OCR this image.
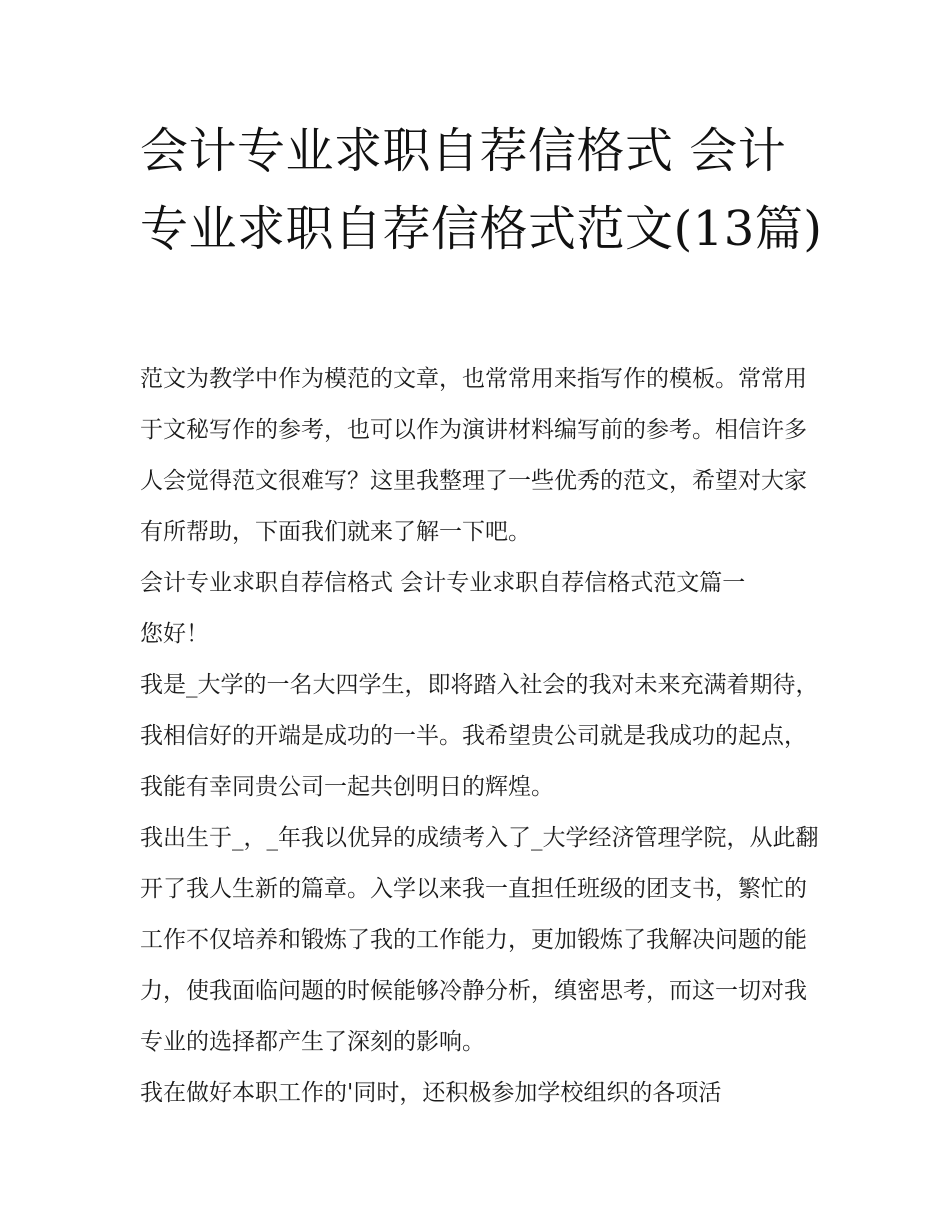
会计专业求职自荐信格式 会计专业求职自荐信格式范文(13篇)

范文为教学中作为模范的文章，也常常用来指写作的模板。常常用于文秘写作的参考，也可以作为演讲材料编写前的参考。相信许多人会觉得范文很难写？这里我整理了一些优秀的范文，希望对大家有所帮助，下面我们就来了解一下吧。

会计专业求职自荐信格式 会计专业求职自荐信格式范文篇一

您好！

我是_大学的一名大四学生，即将踏入社会的我对未来充满着期待，我相信好的开端是成功的一半。我希望贵公司就是我成功的起点，我能有幸同贵公司一起共创明日的辉煌。

我出生于_，_年我以优异的成绩考入了_大学经济管理学院，从此翻开了我人生新的篇章。入学以来我一直担任班级的团支书，繁忙的工作不仅培养和锻炼了我的工作能力，更加锻炼了我解决问题的能力，使我面临问题的时候能够冷静分析，缜密思考，而这一切对我专业的选择都产生了深刻的影响。

我在做好本职工作的'同时，还积极参加学校组织的各项活
